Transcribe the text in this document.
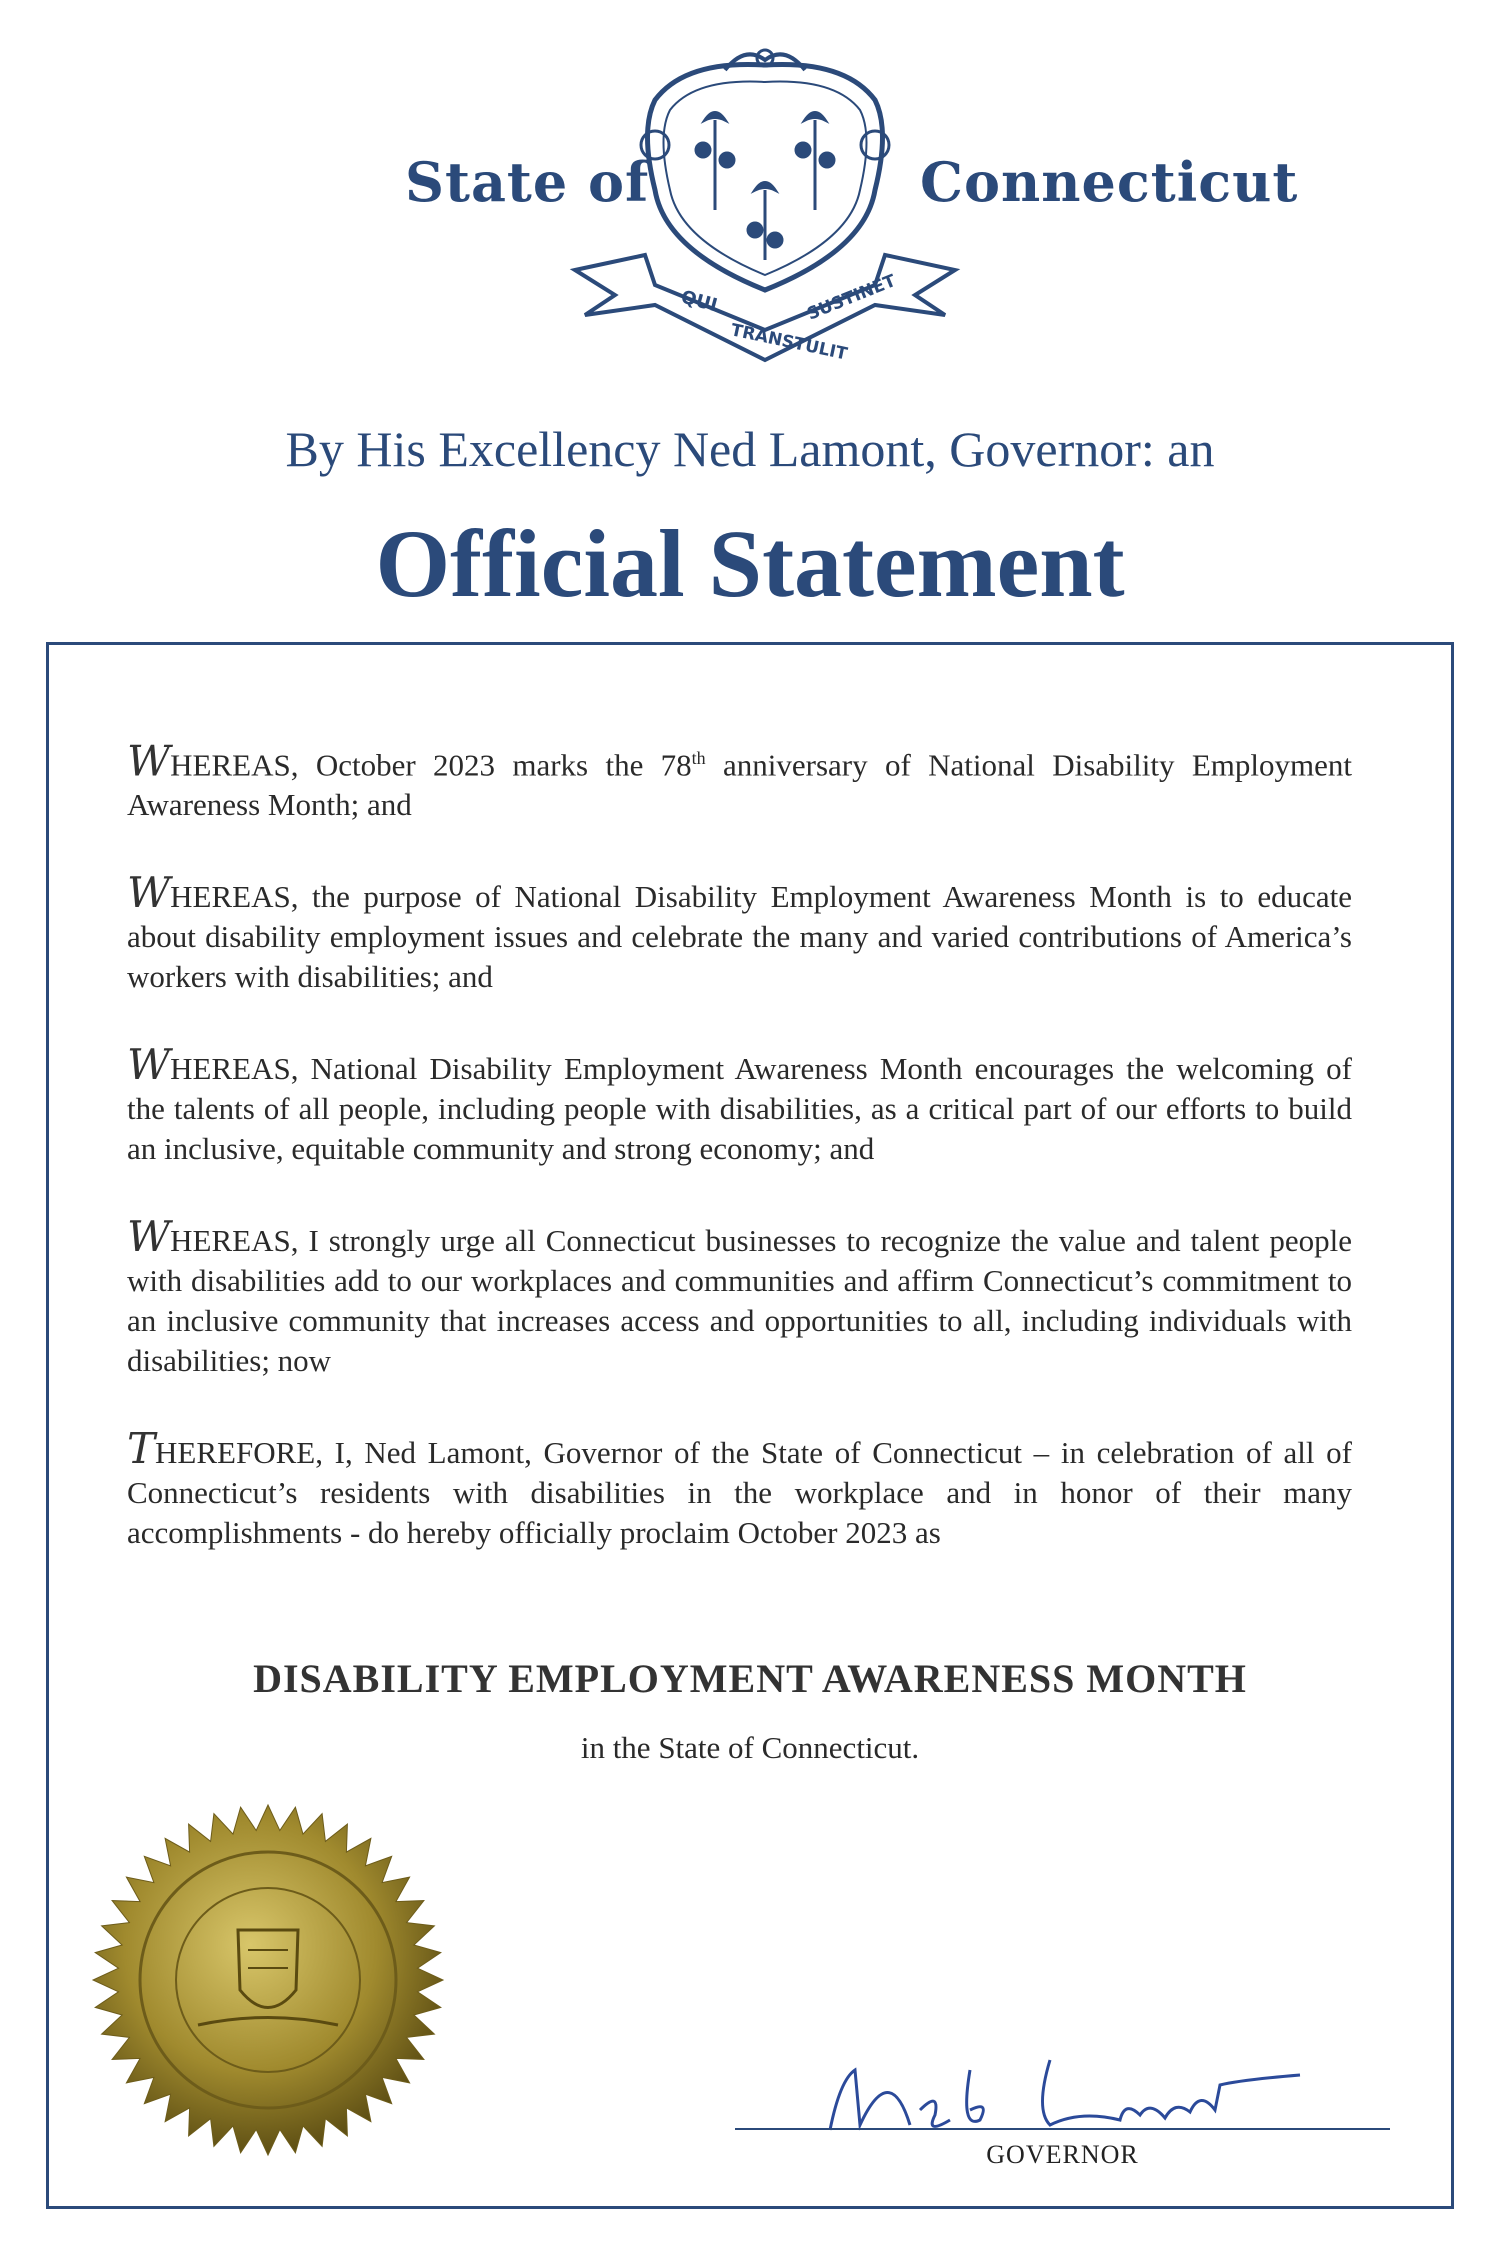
State of
QUI
TRANSTULIT
SUSTINET
Connecticut
By His Excellency Ned Lamont, Governor: an
Official Statement

WHEREAS, October 2023 marks the 78th anniversary of National Disability Employment Awareness Month; and

WHEREAS, the purpose of National Disability Employment Awareness Month is to educate about disability employment issues and celebrate the many and varied contributions of America’s workers with disabilities; and

WHEREAS, National Disability Employment Awareness Month encourages the welcoming of the talents of all people, including people with disabilities, as a critical part of our efforts to build an inclusive, equitable community and strong economy; and

WHEREAS, I strongly urge all Connecticut businesses to recognize the value and talent people with disabilities add to our workplaces and communities and affirm Connecticut’s commitment to an inclusive community that increases access and opportunities to all, including individuals with disabilities; now

THEREFORE, I, Ned Lamont, Governor of the State of Connecticut – in celebration of all of Connecticut’s residents with disabilities in the workplace and in honor of their many accomplishments - do hereby officially proclaim October 2023 as

DISABILITY EMPLOYMENT AWARENESS MONTH
in the State of Connecticut.
GOVERNOR
